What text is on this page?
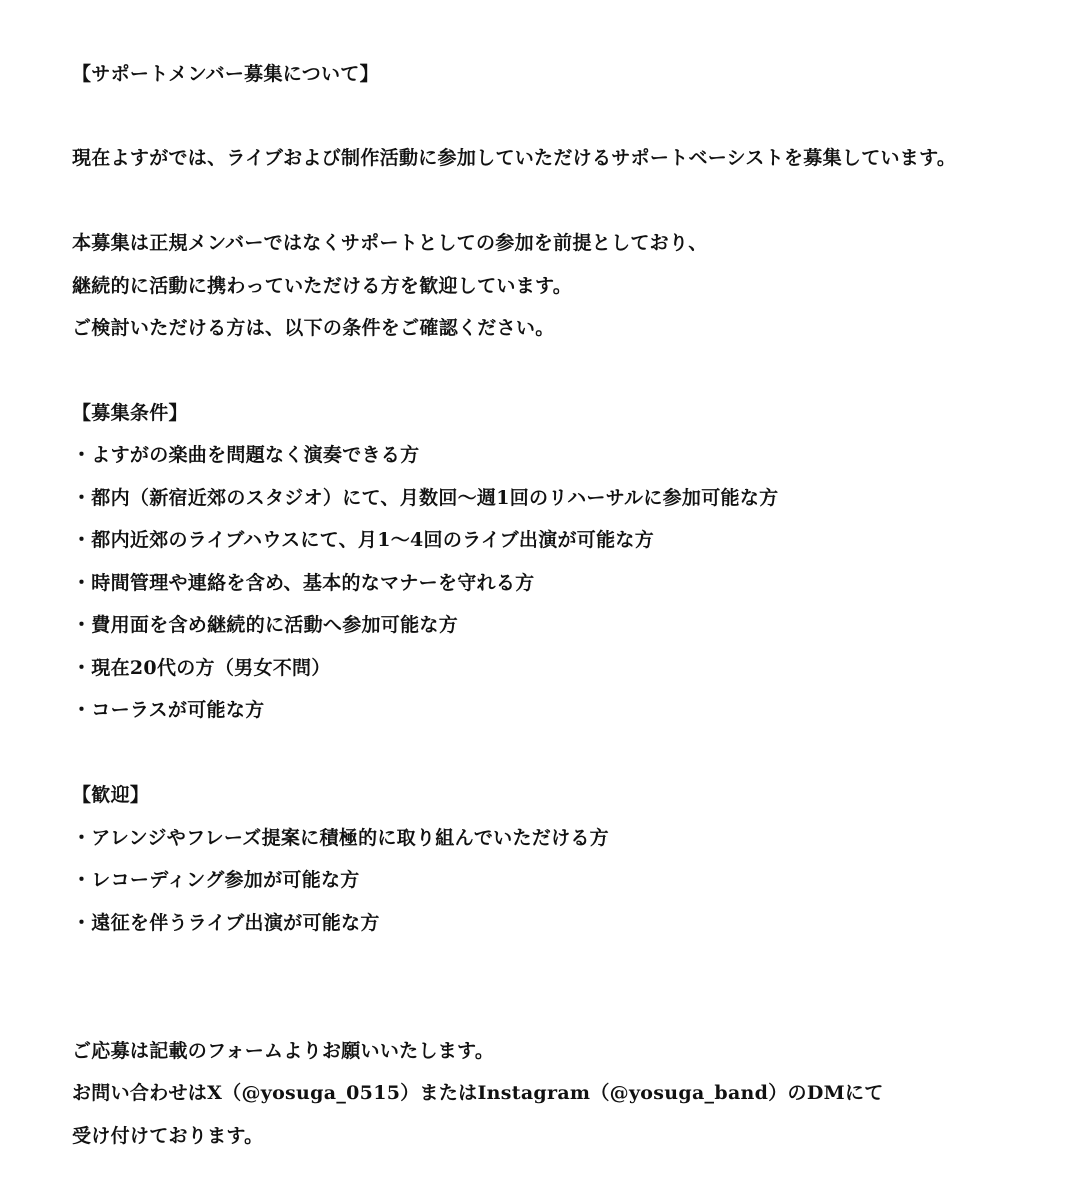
【サポートメンバー募集について】
現在よすがでは、ライブおよび制作活動に参加していただけるサポートベーシストを募集しています。
本募集は正規メンバーではなくサポートとしての参加を前提としており、
継続的に活動に携わっていただける方を歓迎しています。
ご検討いただける方は、以下の条件をご確認ください。
【募集条件】
・よすがの楽曲を問題なく演奏できる方
・都内（新宿近郊のスタジオ）にて、月数回〜週1回のリハーサルに参加可能な方
・都内近郊のライブハウスにて、月1〜4回のライブ出演が可能な方
・時間管理や連絡を含め、基本的なマナーを守れる方
・費用面を含め継続的に活動へ参加可能な方
・現在20代の方（男女不問）
・コーラスが可能な方
【歓迎】
・アレンジやフレーズ提案に積極的に取り組んでいただける方
・レコーディング参加が可能な方
・遠征を伴うライブ出演が可能な方
ご応募は記載のフォームよりお願いいたします。
お問い合わせはX（@yosuga_0515）またはInstagram（@yosuga_band）のDMにて
受け付けております。
